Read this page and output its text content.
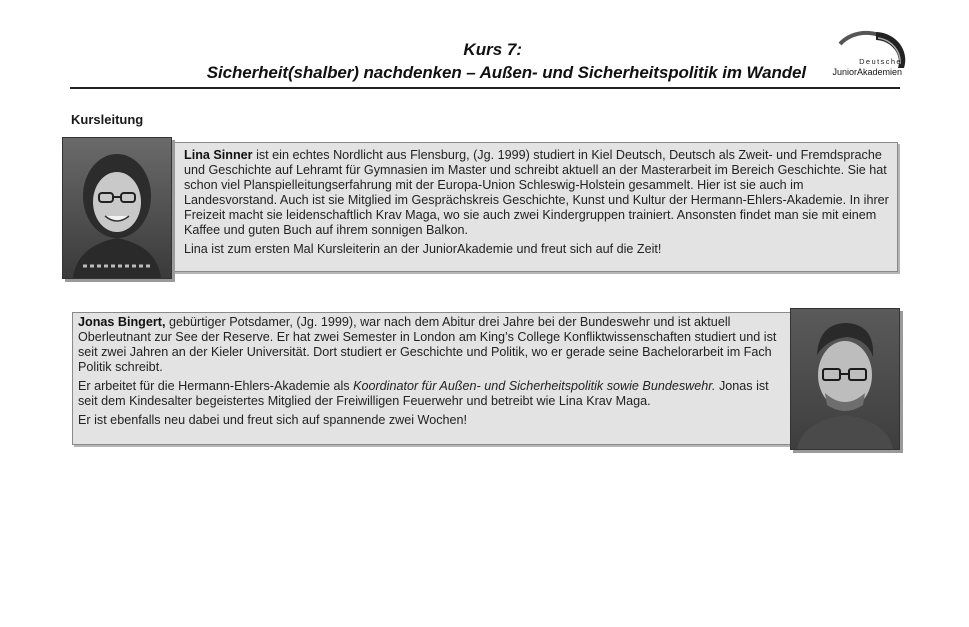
Kurs 7:
Sicherheit(shalber) nachdenken – Außen- und Sicherheitspolitik im Wandel
Deutsche
JuniorAkademien
Kursleitung

Lina Sinner ist ein echtes Nordlicht aus Flensburg, (Jg. 1999) studiert in Kiel Deutsch, Deutsch als Zweit- und Fremdsprache und Geschichte auf Lehramt für Gymnasien im Master und schreibt aktuell an der Masterarbeit im Bereich Geschichte. Sie hat schon viel Planspielleitungserfahrung mit der Europa-Union Schleswig-Holstein gesammelt. Hier ist sie auch im Landesvorstand. Auch ist sie Mitglied im Gesprächskreis Geschichte, Kunst und Kultur der Hermann-Ehlers-Akademie. In ihrer Freizeit macht sie leidenschaftlich Krav Maga, wo sie auch zwei Kindergruppen trainiert. Ansonsten findet man sie mit einem Kaffee und guten Buch auf ihrem sonnigen Balkon.

Lina ist zum ersten Mal Kursleiterin an der JuniorAkademie und freut sich auf die Zeit!

Jonas Bingert, gebürtiger Potsdamer, (Jg. 1999), war nach dem Abitur drei Jahre bei der Bundeswehr und ist aktuell Oberleutnant zur See der Reserve. Er hat zwei Semester in London am King’s College Konfliktwissenschaften studiert und ist seit zwei Jahren an der Kieler Universität. Dort studiert er Geschichte und Politik, wo er gerade seine Bachelorarbeit im Fach Politik schreibt.

Er arbeitet für die Hermann-Ehlers-Akademie als Koordinator für Außen- und Sicherheitspolitik sowie Bundeswehr. Jonas ist seit dem Kindesalter begeistertes Mitglied der Freiwilligen Feuerwehr und betreibt wie Lina Krav Maga.

Er ist ebenfalls neu dabei und freut sich auf spannende zwei Wochen!
